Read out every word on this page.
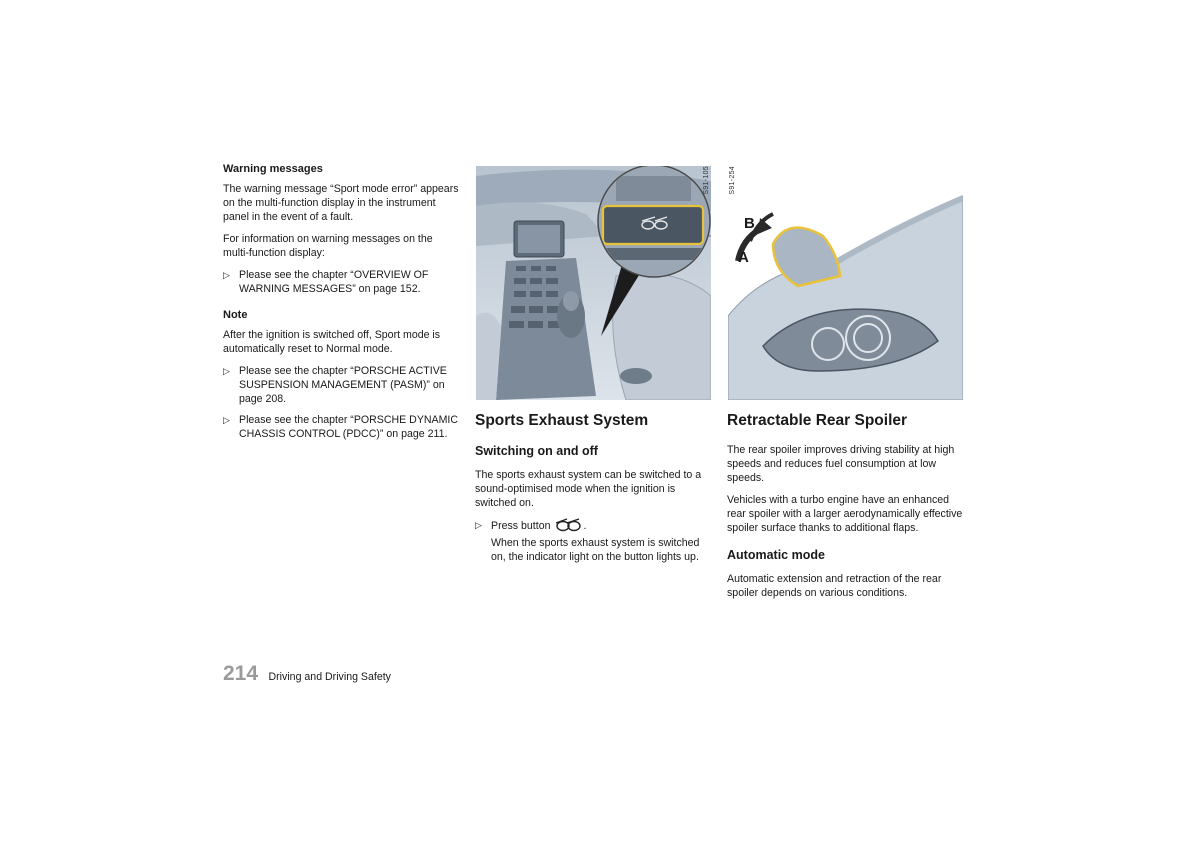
Warning messages

The warning message “Sport mode error” appears on the multi-function display in the instrument panel in the event of a fault.

For information on warning messages on the multi-function display:

▷ Please see the chapter “OVERVIEW OF WARNING MESSAGES” on page 152.
Note

After the ignition is switched off, Sport mode is automatically reset to Normal mode.

▷ Please see the chapter “PORSCHE ACTIVE SUSPENSION MANAGEMENT (PASM)” on page 208.
▷ Please see the chapter “PORSCHE DYNAMIC CHASSIS CONTROL (PDCC)” on page 211.
S91-105
A
B
S91-254
Sports Exhaust System
Switching on and off

The sports exhaust system can be switched to a sound-optimised mode when the ignition is switched on.

▷ Press button	.
When the sports exhaust system is switched on, the indicator light on the button lights up.
Retractable Rear Spoiler

The rear spoiler improves driving stability at high speeds and reduces fuel consumption at low speeds.

Vehicles with a turbo engine have an enhanced rear spoiler with a larger aerodynamically effective spoiler surface thanks to additional flaps.

Automatic mode

Automatic extension and retraction of the rear spoiler depends on various conditions.

214 Driving and Driving Safety
